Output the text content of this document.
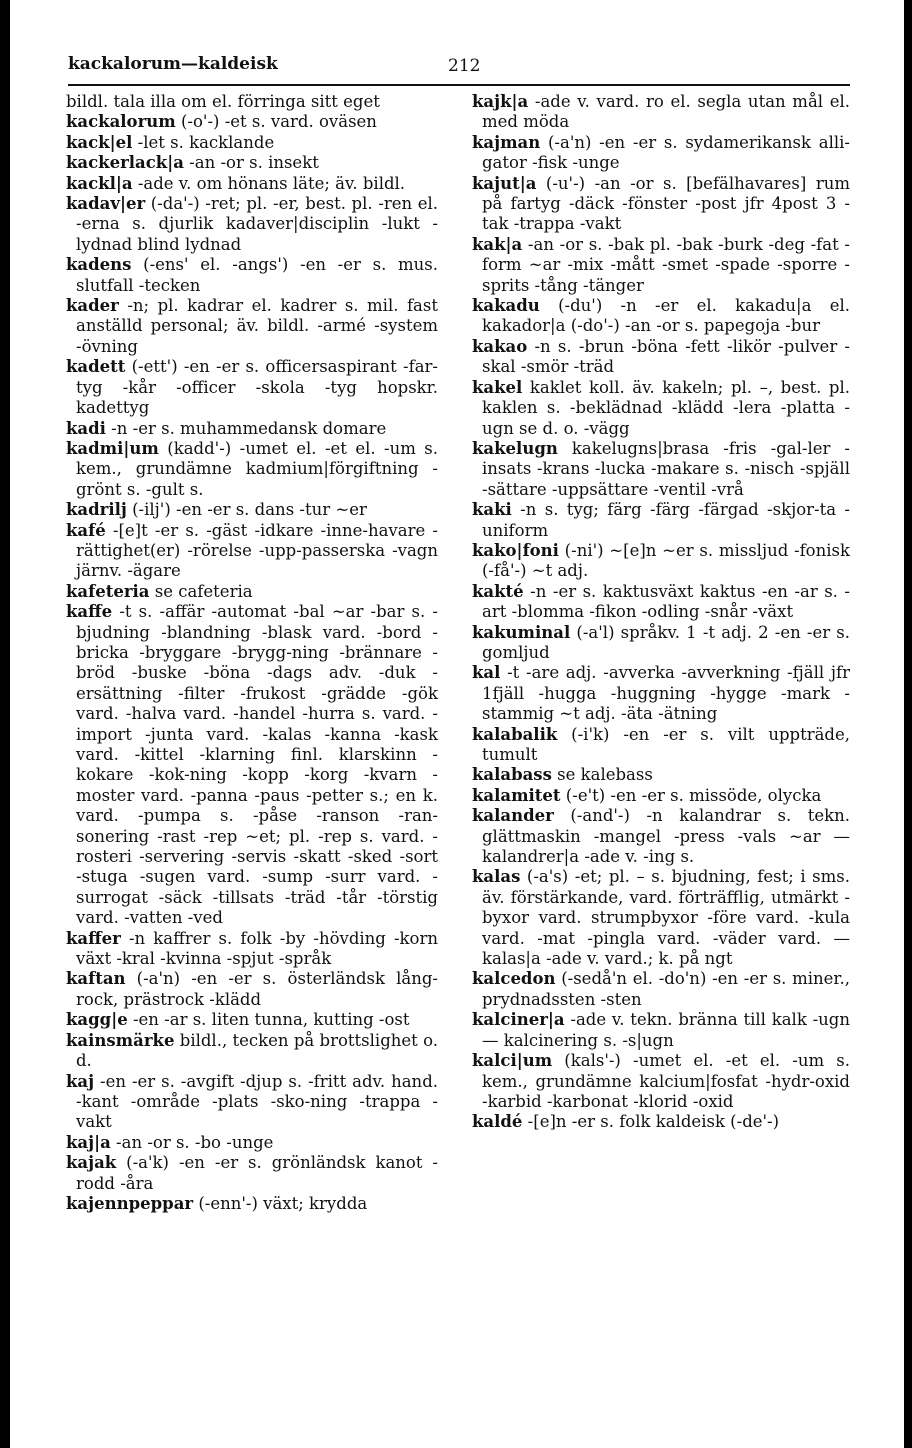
kackalorum—kaldeisk	212

bildl. tala illa om el. förringa sitt eget

kackalorum (-o'-) -et s. vard. oväsen

kack|el -let s. kacklande

kackerlack|a -an -or s. insekt

kackl|a -ade v. om hönans läte; äv. bildl.

kadav|er (-da'-) -ret; pl. -er, best. pl. -ren el. -erna s. djurlik kadaver|disciplin -lukt -lydnad blind lydnad

kadens (-ens' el. -angs') -en -er s. mus. slutfall -tecken

kader -n; pl. kadrar el. kadrer s. mil. fast anställd personal; äv. bildl. -armé -system -övning

kadett (-ett') -en -er s. officersaspirant -far-tyg -kår -officer -skola -tyg hopskr. kadettyg

kadi -n -er s. muhammedansk domare

kadmi|um (kadd'-) -umet el. -et el. -um s. kem., grundämne kadmium|förgiftning -grönt s. -gult s.

kadrilj (-ilj') -en -er s. dans -tur ~er

kafé -[e]t -er s. -gäst -idkare -inne-havare -rättighet(er) -rörelse -upp-passerska -vagn järnv. -ägare

kafeteria se cafeteria

kaffe -t s. -affär -automat -bal ~ar -bar s. -bjudning -blandning -blask vard. -bord -bricka -bryggare -brygg-ning -brännare -bröd -buske -böna -dags adv. -duk -ersättning -filter -frukost -grädde -gök vard. -halva vard. -handel -hurra s. vard. -import -junta vard. -kalas -kanna -kask vard. -kittel -klarning finl. klarskinn -kokare -kok-ning -kopp -korg -kvarn -moster vard. -panna -paus -petter s.; en k. vard. -pumpa s. -påse -ranson -ran-sonering -rast -rep ~et; pl. -rep s. vard. -rosteri -servering -servis -skatt -sked -sort -stuga -sugen vard. -sump -surr vard. -surrogat -säck -tillsats -träd -tår -törstig vard. -vatten -ved

kaffer -n kaffrer s. folk -by -hövding -korn växt -kral -kvinna -spjut -språk

kaftan (-a'n) -en -er s. österländsk lång-rock, prästrock -klädd

kagg|e -en -ar s. liten tunna, kutting -ost

kainsmärke bildl., tecken på brottslighet o. d.

kaj -en -er s. -avgift -djup s. -fritt adv. hand. -kant -område -plats -sko-ning -trappa -vakt

kaj|a -an -or s. -bo -unge

kajak (-a'k) -en -er s. grönländsk kanot -rodd -åra

kajennpeppar (-enn'-) växt; krydda

kajk|a -ade v. vard. ro el. segla utan mål el. med möda

kajman (-a'n) -en -er s. sydamerikansk alli-gator -fisk -unge

kajut|a (-u'-) -an -or s. [befälhavares] rum på fartyg -däck -fönster -post jfr 4post 3 -tak -trappa -vakt

kak|a -an -or s. -bak pl. -bak -burk -deg -fat -form ~ar -mix -mått -smet -spade -sporre -sprits -tång -tänger

kakadu (-du') -n -er el. kakadu|a el. kakador|a (-do'-) -an -or s. papegoja -bur

kakao -n s. -brun -böna -fett -likör -pulver -skal -smör -träd

kakel kaklet koll. äv. kakeln; pl. –, best. pl. kaklen s. -beklädnad -klädd -lera -platta -ugn se d. o. -vägg

kakelugn kakelugns|brasa -fris -gal-ler -insats -krans -lucka -makare s. -nisch -spjäll -sättare -uppsättare -ventil -vrå

kaki -n s. tyg; färg -färg -färgad -skjor-ta -uniform

kako|foni (-ni') ~[e]n ~er s. missljud -fonisk (-få'-) ~t adj.

kakté -n -er s. kaktusväxt kaktus -en -ar s. -art -blomma -fikon -odling -snår -växt

kakuminal (-a'l) språkv. 1 -t adj. 2 -en -er s. gomljud

kal -t -are adj. -avverka -avverkning -fjäll jfr 1fjäll -hugga -huggning -hygge -mark -stammig ~t adj. -äta -ätning

kalabalik (-i'k) -en -er s. vilt uppträde, tumult

kalabass se kalebass

kalamitet (-e't) -en -er s. missöde, olycka

kalander (-and'-) -n kalandrar s. tekn. glättmaskin -mangel -press -vals ~ar — kalandrer|a -ade v. -ing s.

kalas (-a's) -et; pl. – s. bjudning, fest; i sms. äv. förstärkande, vard. förträfflig, utmärkt -byxor vard. strumpbyxor -före vard. -kula vard. -mat -pingla vard. -väder vard. — kalas|a -ade v. vard.; k. på ngt

kalcedon (-sedå'n el. -do'n) -en -er s. miner., prydnadssten -sten

kalciner|a -ade v. tekn. bränna till kalk -ugn — kalcinering s. -s|ugn

kalci|um (kals'-) -umet el. -et el. -um s. kem., grundämne kalcium|fosfat -hydr-oxid -karbid -karbonat -klorid -oxid

kaldé -[e]n -er s. folk kaldeisk (-de'-)
